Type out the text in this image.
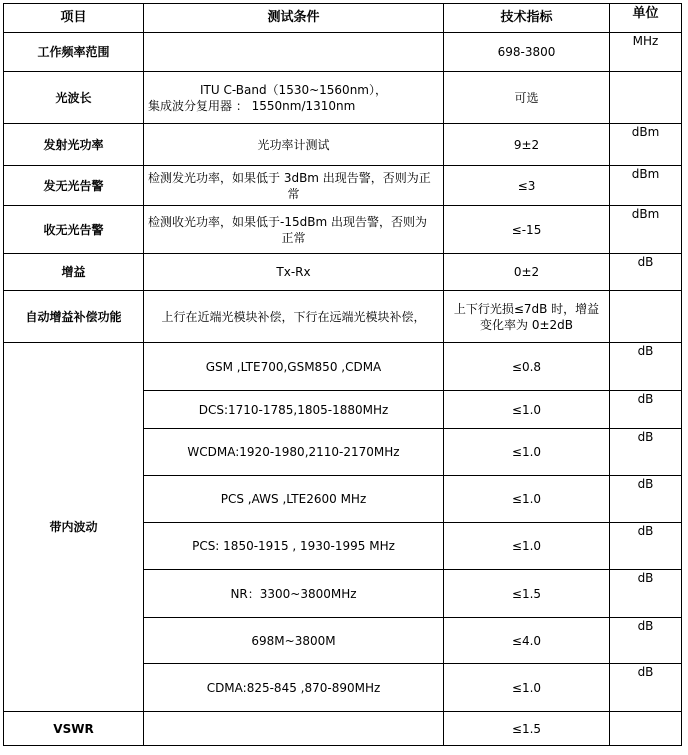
项目	测试条件	技术指标	单位
工作频率范围		698-3800	MHz
光波长	ITU C-Band（1530~1560nm），
集成波分复用器 ： 1550nm/1310nm	可选	
发射光功率	光功率计测试	9±2	dBm
发无光告警	检测发光功率，如果低于 3dBm 出现告警，否则为正
常	≤3	dBm
收无光告警	检测收光功率，如果低于-15dBm 出现告警，否则为
正常	≤-15	dBm
增益	Tx-Rx	0±2	dB
自动增益补偿功能	上行在近端光模块补偿，下行在远端光模块补偿，	上下行光损≤7dB 时，增益
变化率为 0±2dB	

带内波动	GSM ,LTE700,GSM850 ,CDMA	≤0.8	dB
	DCS:1710-1785,1805-1880MHz	≤1.0	dB
	WCDMA:1920-1980,2110-2170MHz	≤1.0	dB
	PCS ,AWS ,LTE2600 MHz	≤1.0	dB
	PCS: 1850-1915 , 1930-1995 MHz	≤1.0	dB
	NR：3300~3800MHz	≤1.5	dB
	698M~3800M	≤4.0	dB
	CDMA:825-845 ,870-890MHz	≤1.0	dB
VSWR		≤1.5	
